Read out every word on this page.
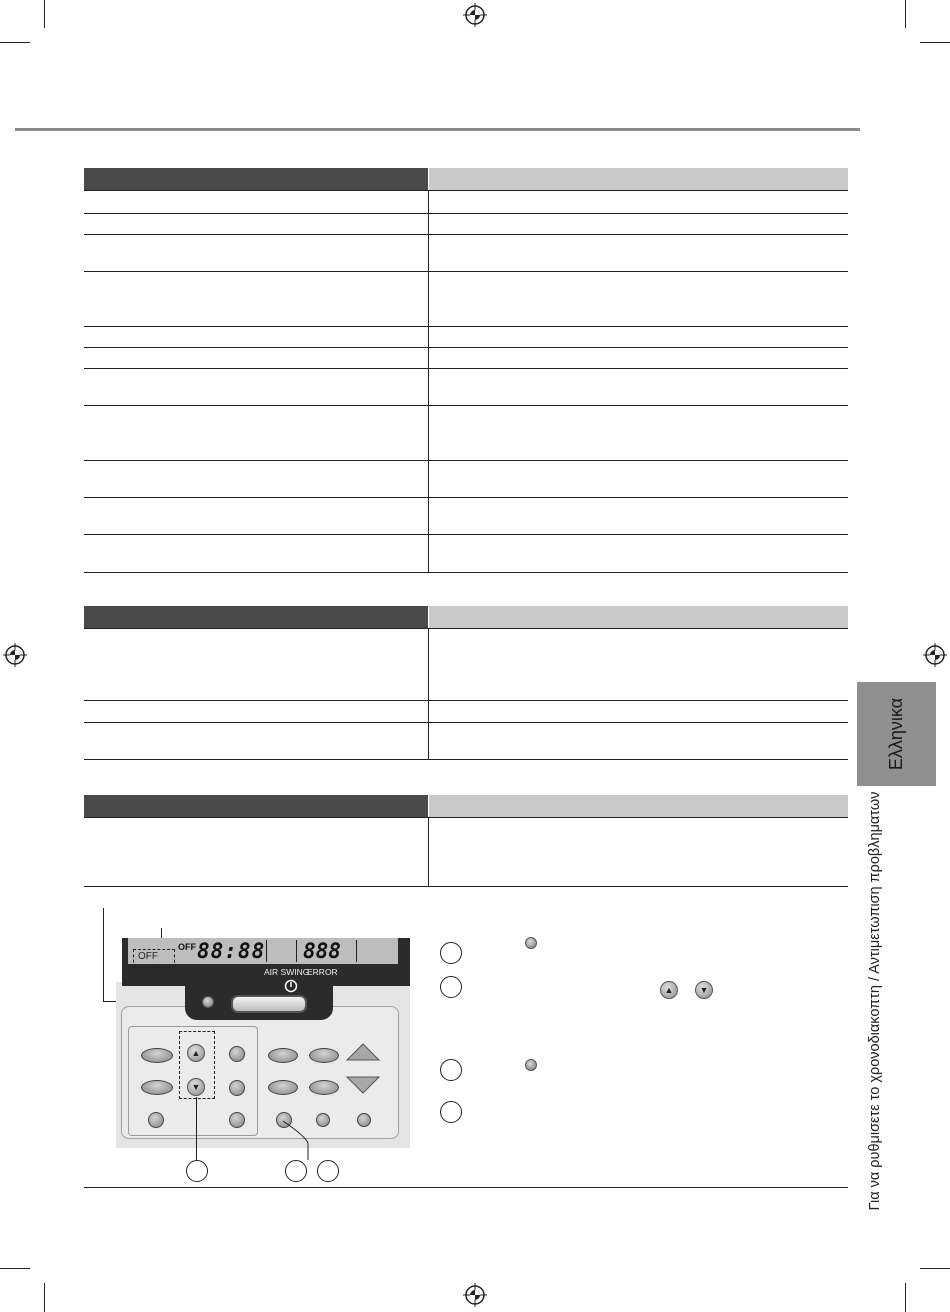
Ελληνικα
Για να ρυθμισετε το χρονοδιακοπτη / Αντιμετωπιση προβληματων
OFF
OFF 88:88 888
AIR SWING
ERROR
▲
▼
▲	▼
